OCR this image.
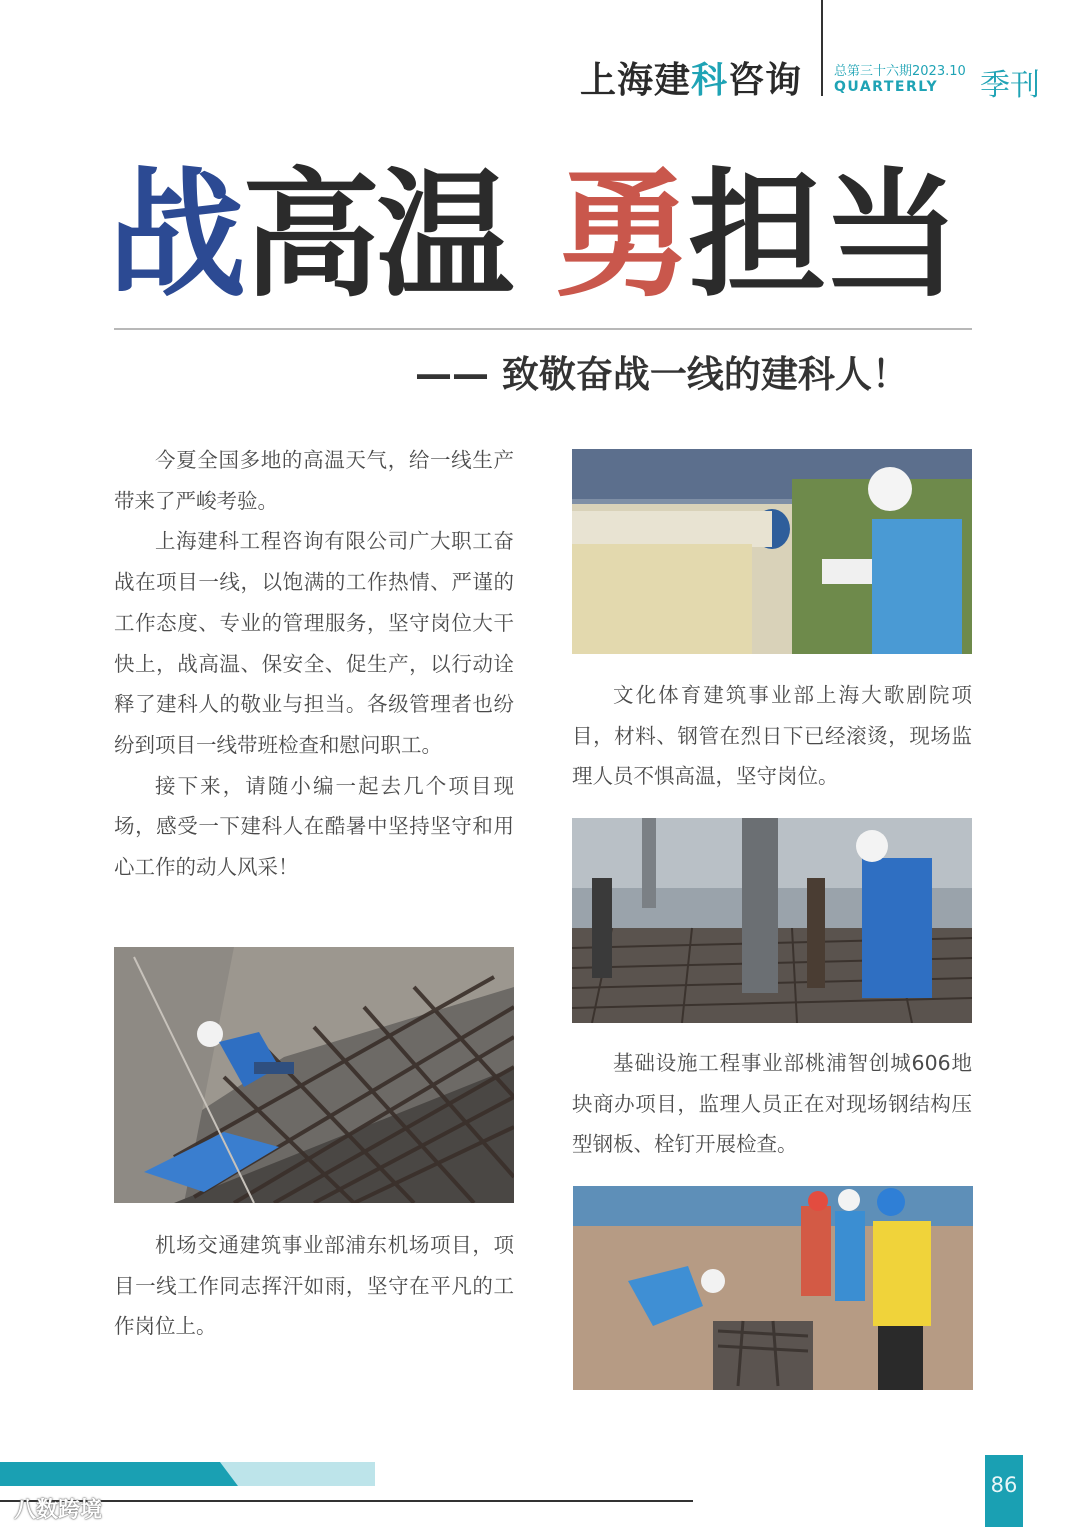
上海建科咨询 总第三十六期2023.10
QUARTERLY 季刊
战高温 勇担当
—— 致敬奋战一线的建科人！

今夏全国多地的高温天气，给一线生产带来了严峻考验。

上海建科工程咨询有限公司广大职工奋战在项目一线，以饱满的工作热情、严谨的工作态度、专业的管理服务，坚守岗位大干快上，战高温、保安全、促生产，以行动诠释了建科人的敬业与担当。各级管理者也纷纷到项目一线带班检查和慰问职工。

接下来，请随小编一起去几个项目现场，感受一下建科人在酷暑中坚持坚守和用心工作的动人风采！

机场交通建筑事业部浦东机场项目，项目一线工作同志挥汗如雨，坚守在平凡的工作岗位上。

文化体育建筑事业部上海大歌剧院项目，材料、钢管在烈日下已经滚烫，现场监理人员不惧高温，坚守岗位。

基础设施工程事业部桃浦智创城606地块商办项目，监理人员正在对现场钢结构压型钢板、栓钉开展检查。

86
八数跨境
